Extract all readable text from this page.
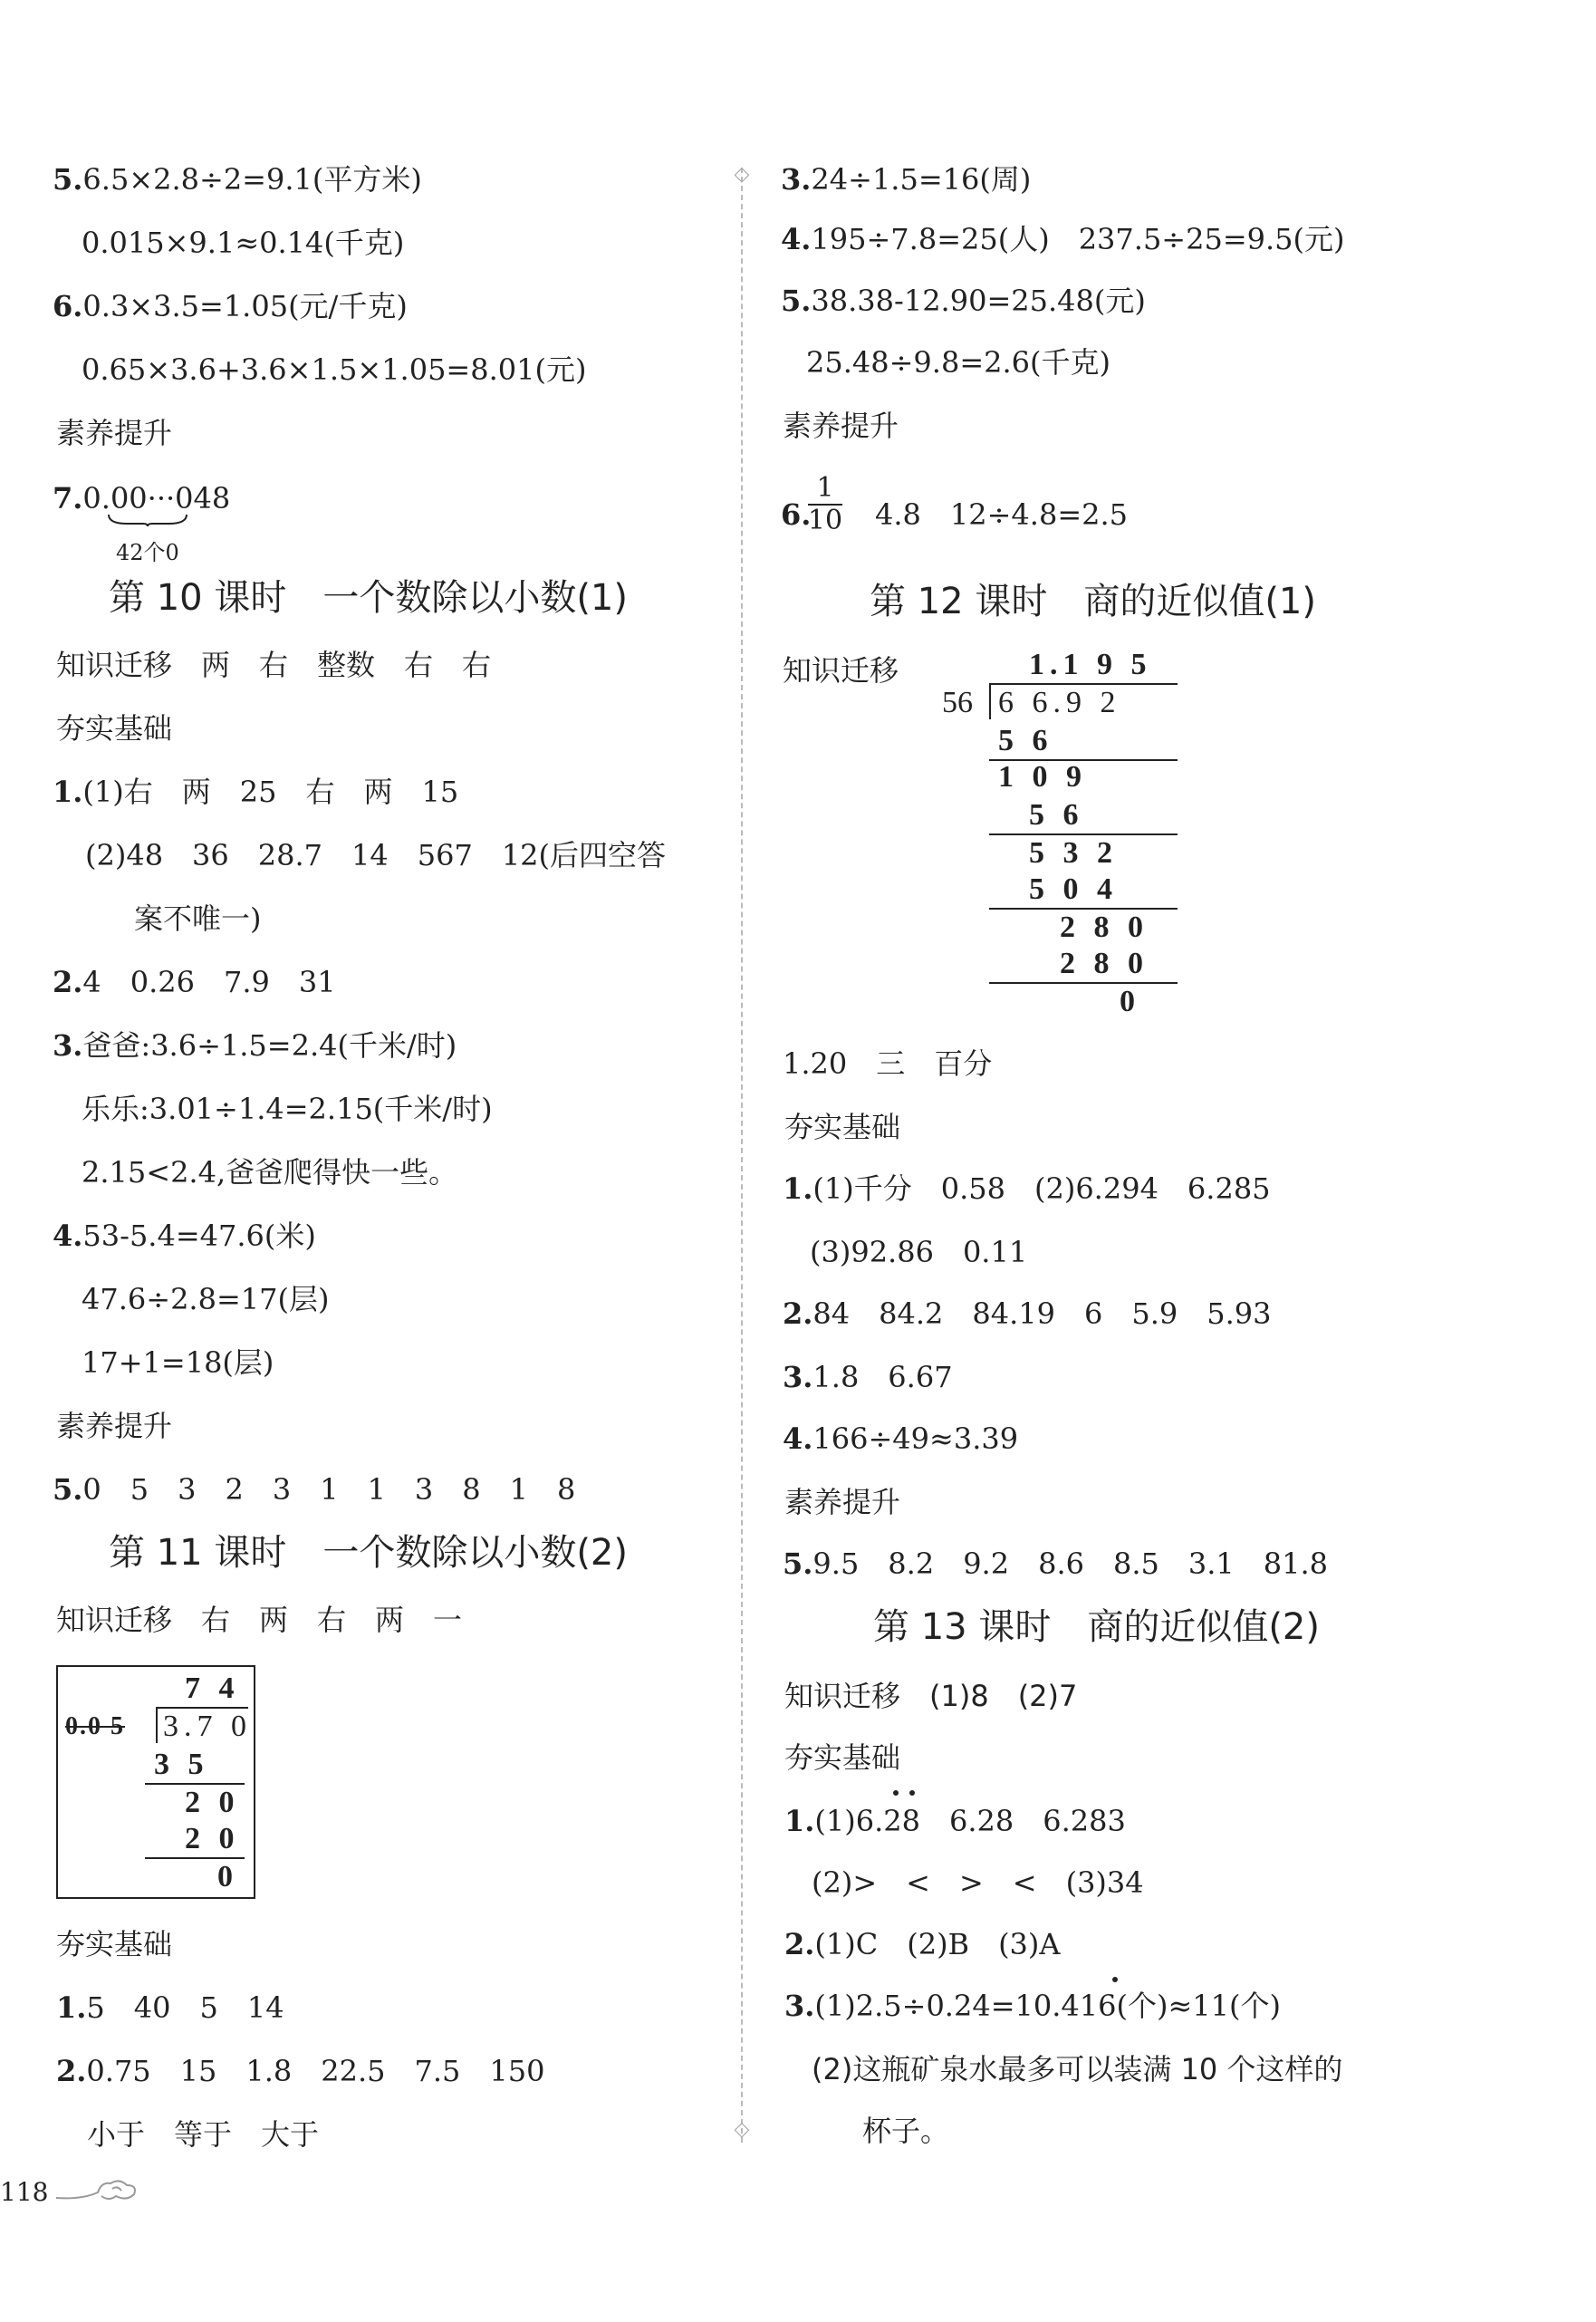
5.6.5×2.8÷2=9.1(平方米)
0.015×9.1≈0.14(千克)
6.0.3×3.5=1.05(元/千克)
0.65×3.6+3.6×1.5×1.05=8.01(元)
素养提升
7.0.00···048
42个0
第 10 课时　一个数除以小数(1)
知识迁移　两　右　整数　右　右
夯实基础
1.(1)右　两　25　右　两　15
(2)48　36　28.7　14　567　12(后四空答
案不唯一)
2.4　0.26　7.9　31
3.爸爸:3.6÷1.5=2.4(千米/时)
乐乐:3.01÷1.4=2.15(千米/时)
2.15<2.4,爸爸爬得快一些。
4.53-5.4=47.6(米)
47.6÷2.8=17(层)
17+1=18(层)
素养提升
5.0　5　3　2　3　1　1　3　8　1　8
第 11 课时　一个数除以小数(2)
知识迁移　右　两　右　两　一
7 4
0.0 5 3.7 0
3 5
2 0
2 0
0
夯实基础
1.5　40　5　14
2.0.75　15　1.8　22.5　7.5　150
小于　等于　大于
118
◇
◇
3.24÷1.5=16(周)
4.195÷7.8=25(人)　237.5÷25=9.5(元)
5.38.38-12.90=25.48(元)
25.48÷9.8=2.6(千克)
素养提升
6.
1
10 4.8　12÷4.8=2.5
第 12 课时　商的近似值(1)
知识迁移	1.1 9 5
56 6 6.9 2
5 6
1 0 9
5 6
5 3 2
5 0 4
2 8 0
2 8 0
0
1.20　三　百分
夯实基础
1.(1)千分　0.58　(2)6.294　6.285
(3)92.86　0.11
2.84　84.2　84.19　6　5.9　5.93
3.1.8　6.67
4.166÷49≈3.39
素养提升
5.9.5　8.2　9.2　8.6　8.5　3.1　81.8
第 13 课时　商的近似值(2)
知识迁移　(1)8　(2)7
夯实基础
1.(1)6.28　6.28　6.283
(2)>　<　>　<　(3)34
2.(1)C　(2)B　(3)A
3.(1)2.5÷0.24=10.416(个)≈11(个)
(2)这瓶矿泉水最多可以装满 10 个这样的
杯子。
